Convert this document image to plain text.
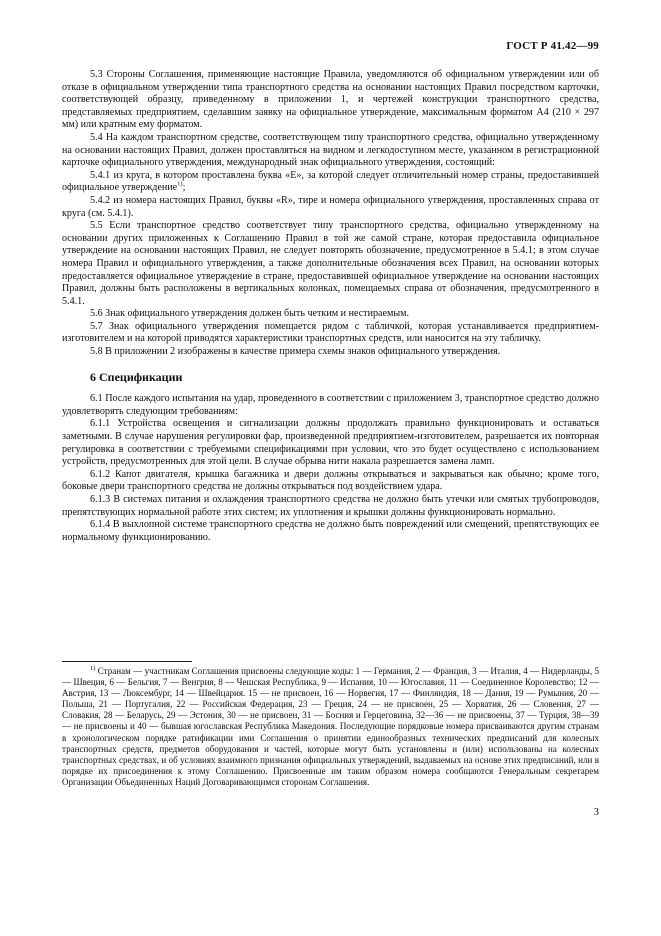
ГОСТ Р 41.42—99

5.3 Стороны Соглашения, применяющие настоящие Правила, уведомляются об официальном утверждении или об отказе в официальном утверждении типа транспортного средства на основании настоящих Правил посредством карточки, соответствующей образцу, приведенному в приложении 1, и чертежей конструкции транспортного средства, представляемых предприятием, сделавшим заявку на официальное утверждение, максимальным форматом А4 (210 × 297 мм) или кратным ему форматом.

5.4 На каждом транспортном средстве, соответствующем типу транспортного средства, официально утвержденному на основании настоящих Правил, должен проставляться на видном и легкодоступном месте, указанном в регистрационной карточке официального утверждения, международный знак официального утверждения, состоящий:

5.4.1 из круга, в котором проставлена буква «E», за которой следует отличительный номер страны, предоставившей официальное утверждение$^{1)}$;

5.4.2 из номера настоящих Правил, буквы «R», тире и номера официального утверждения, проставленных справа от круга (см. 5.4.1).

5.5 Если транспортное средство соответствует типу транспортного средства, официально утвержденному на основании других приложенных к Соглашению Правил в той же самой стране, которая предоставила официальное утверждение на основании настоящих Правил, не следует повторять обозначение, предусмотренное в 5.4.1; в этом случае номера Правил и официального утверждения, а также дополнительные обозначения всех Правил, на основании которых предоставляется официальное утверждение в стране, предоставившей официальное утверждение на основании настоящих Правил, должны быть расположены в вертикальных колонках, помещаемых справа от обозначения, предусмотренного в 5.4.1.

5.6 Знак официального утверждения должен быть четким и нестираемым.

5.7 Знак официального утверждения помещается рядом с табличкой, которая устанавливается предприятием-изготовителем и на которой приводятся характеристики транспортных средств, или наносится на эту табличку.

5.8 В приложении 2 изображены в качестве примера схемы знаков официального утверждения.

6 Спецификации

6.1 После каждого испытания на удар, проведенного в соответствии с приложением 3, транспортное средство должно удовлетворять следующим требованиям:

6.1.1 Устройства освещения и сигнализации должны продолжать правильно функционировать и оставаться заметными. В случае нарушения регулировки фар, произведенной предприятием-изготовителем, разрешается их повторная регулировка в соответствии с требуемыми спецификациями при условии, что это будет осуществлено с использованием устройств, предусмотренных для этой цели. В случае обрыва нити накала разрешается замена ламп.

6.1.2 Капот двигателя, крышка багажника и двери должны открываться и закрываться как обычно; кроме того, боковые двери транспортного средства не должны открываться под воздействием удара.

6.1.3 В системах питания и охлаждения транспортного средства не должно быть утечки или смятых трубопроводов, препятствующих нормальной работе этих систем; их уплотнения и крышки должны функционировать нормально.

6.1.4 В выхлопной системе транспортного средства не должно быть повреждений или смещений, препятствующих ее нормальному функционированию.

$^{1)}$ Странам — участникам Соглашения присвоены следующие коды: 1 — Германия, 2 — Франция, 3 — Италия, 4 — Нидерланды, 5 — Швеция, 6 — Бельгия, 7 — Венгрия, 8 — Чешская Республика, 9 — Испания, 10 — Югославия, 11 — Соединенное Королевство; 12 — Австрия, 13 — Люксембург, 14 — Швейцария. 15 — не присвоен, 16 — Норвегия, 17 — Финляндия, 18 — Дания, 19 — Румыния, 20 — Польша, 21 — Португалия, 22 — Российская Федерация, 23 — Греция, 24 — не присвоен, 25 — Хорватия, 26 — Словения, 27 — Словакия, 28 — Беларусь, 29 — Эстония, 30 — не присвоен, 31 — Босния и Герцеговина, 32—36 — не присвоены, 37 — Турция, 38—39 — не присвоены и 40 — бывшая югославская Республика Македония. Последующие порядковые номера присваиваются другим странам в хронологическом порядке ратификации ими Соглашения о принятии единообразных технических предписаний для колесных транспортных средств, предметов оборудования и частей, которые могут быть установлены и (или) использованы на колесных транспортных средствах, и об условиях взаимного признания официальных утверждений, выдаваемых на основе этих предписаний, или в порядке их присоединения к этому Соглашению. Присвоенные им таким образом номера сообщаются Генеральным секретарем Организации Объединенных Наций Договаривающимся сторонам Соглашения.

3
